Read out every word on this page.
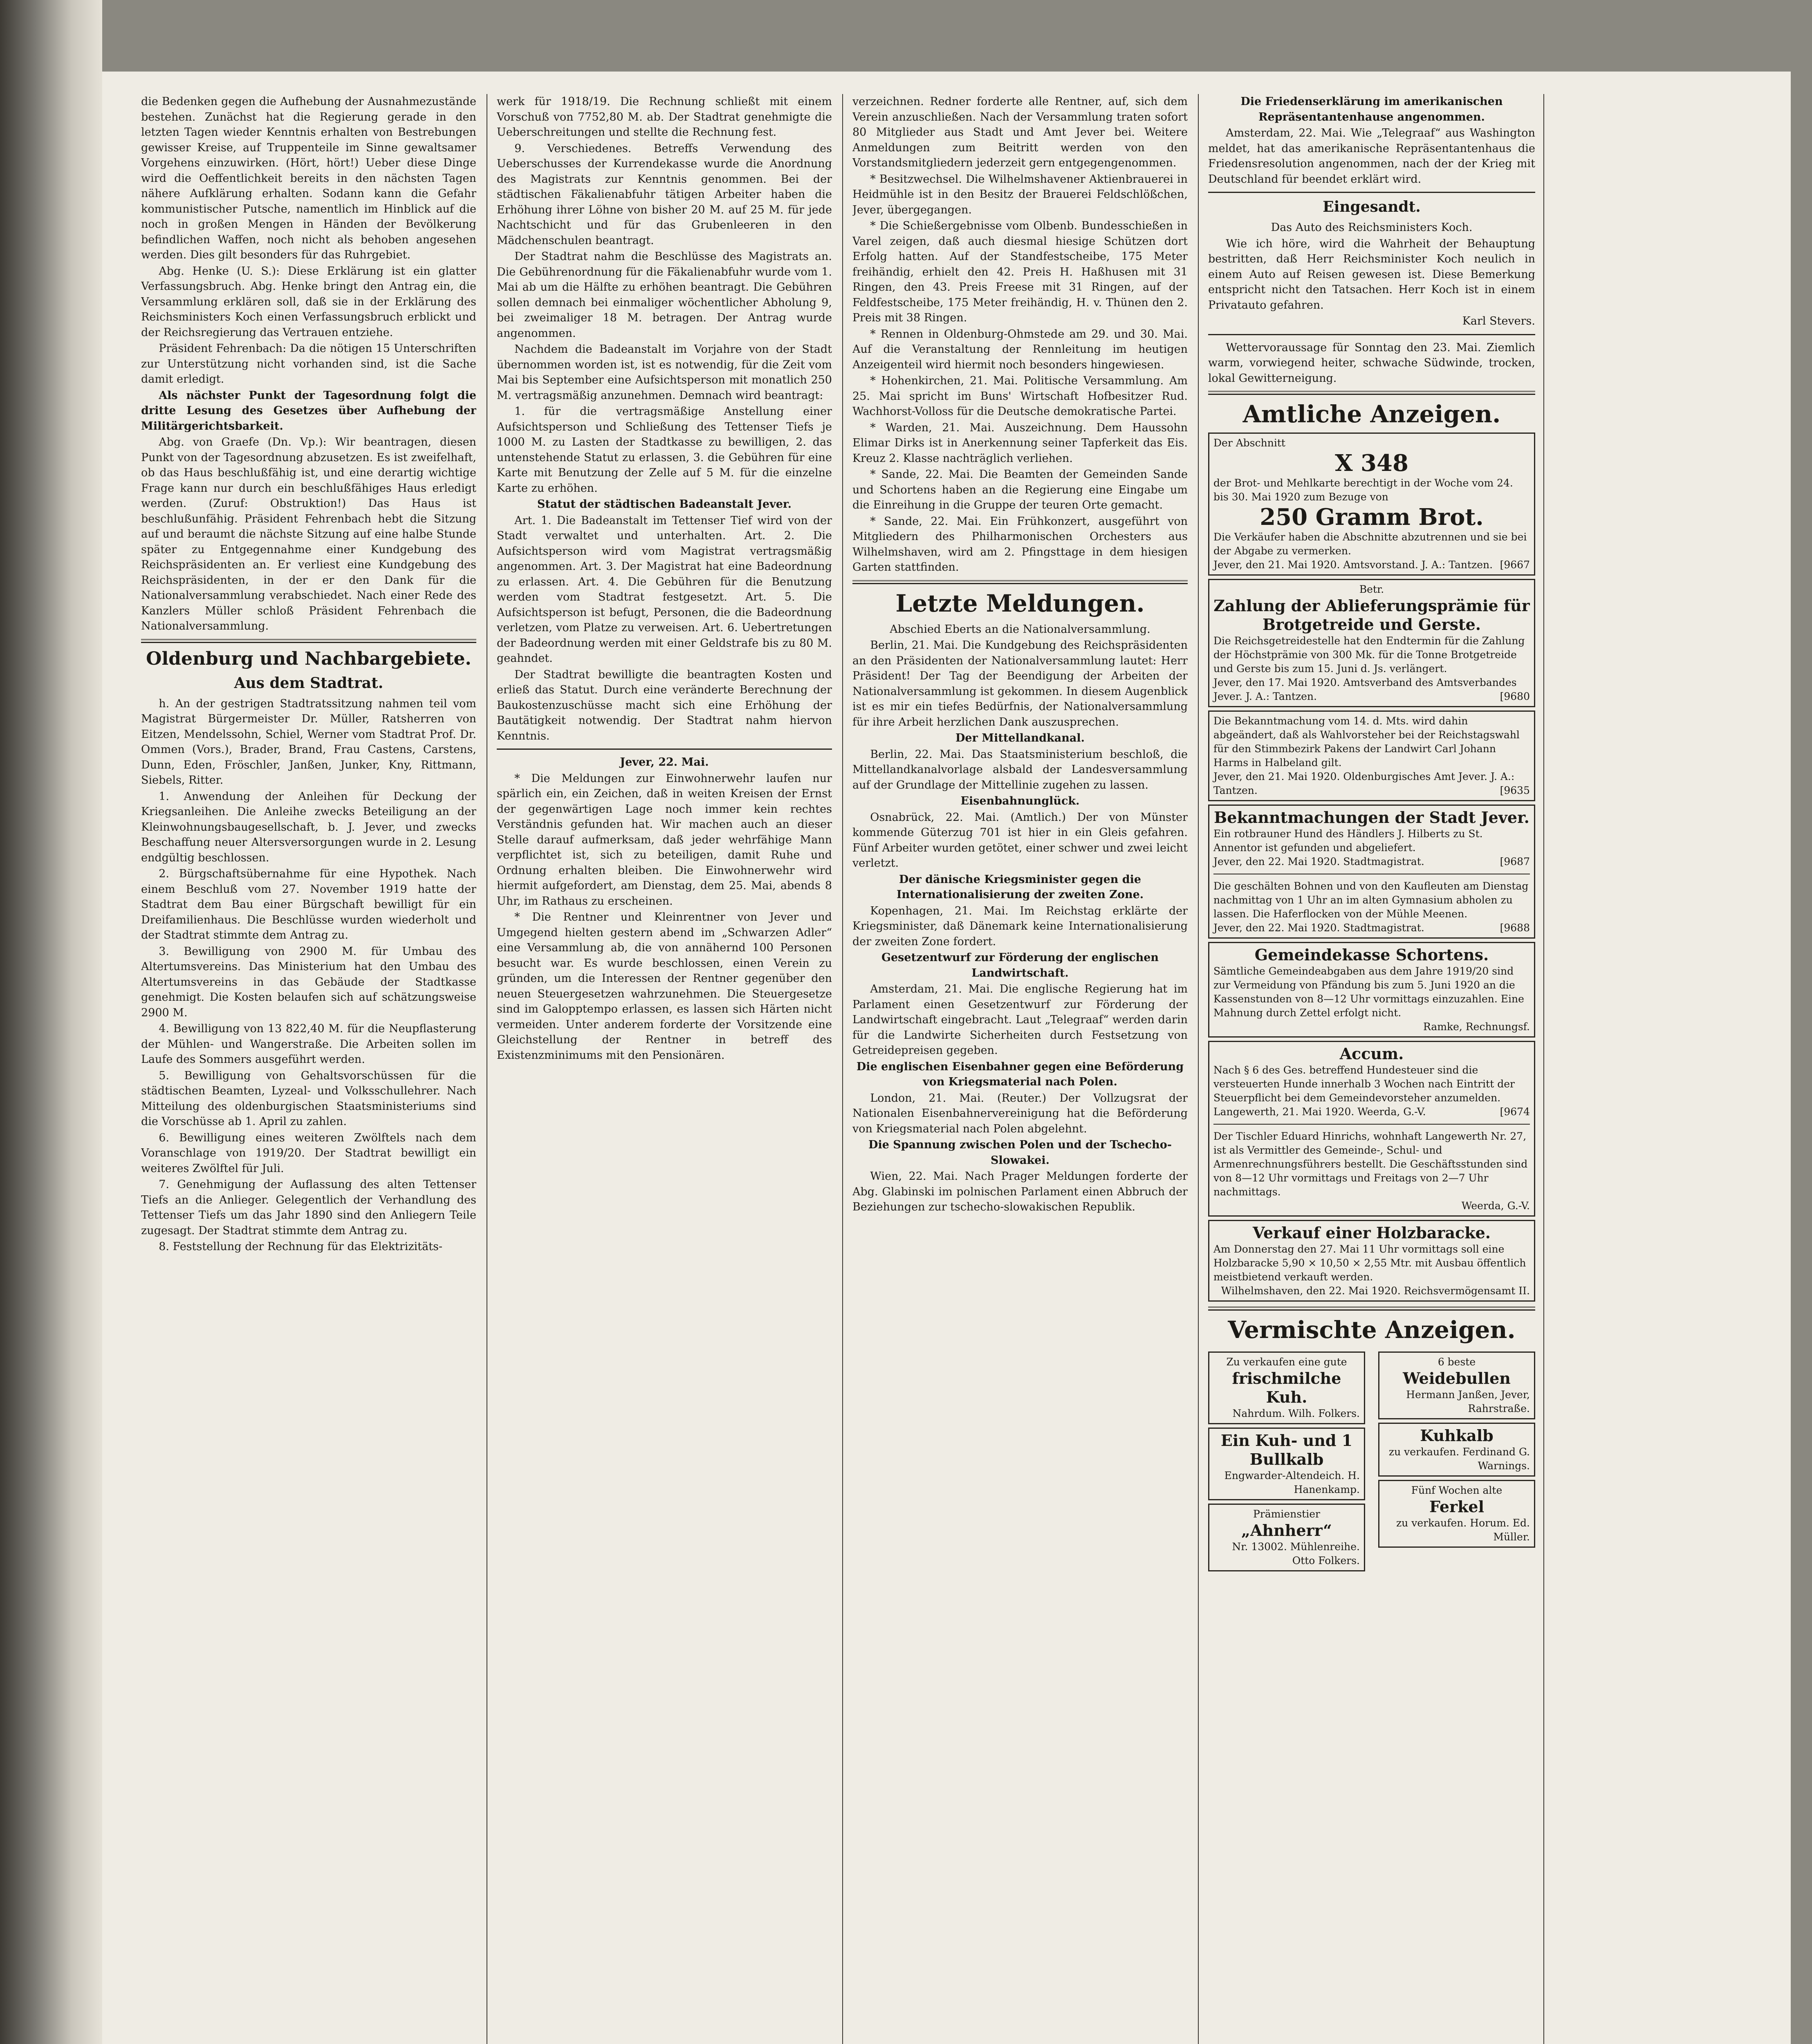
die Bedenken gegen die Aufhebung der Ausnahmezustände bestehen. Zunächst hat die Regierung gerade in den letzten Tagen wieder Kenntnis erhalten von Bestrebungen gewisser Kreise, auf Truppenteile im Sinne gewaltsamer Vorgehens einzuwirken. (Hört, hört!) Ueber diese Dinge wird die Oeffentlichkeit bereits in den nächsten Tagen nähere Aufklärung erhalten. Sodann kann die Gefahr kommunistischer Putsche, namentlich im Hinblick auf die noch in großen Mengen in Händen der Bevölkerung befindlichen Waffen, noch nicht als behoben angesehen werden. Dies gilt besonders für das Ruhrgebiet.

Abg. Henke (U. S.): Diese Erklärung ist ein glatter Verfassungsbruch. Abg. Henke bringt den Antrag ein, die Versammlung erklären soll, daß sie in der Erklärung des Reichsministers Koch einen Verfassungsbruch erblickt und der Reichsregierung das Vertrauen entziehe.

Präsident Fehrenbach: Da die nötigen 15 Unterschriften zur Unterstützung nicht vorhanden sind, ist die Sache damit erledigt.

Als nächster Punkt der Tagesordnung folgt die dritte Lesung des Gesetzes über Aufhebung der Militärgerichtsbarkeit.

Abg. von Graefe (Dn. Vp.): Wir beantragen, diesen Punkt von der Tagesordnung abzusetzen. Es ist zweifelhaft, ob das Haus beschlußfähig ist, und eine derartig wichtige Frage kann nur durch ein beschlußfähiges Haus erledigt werden. (Zuruf: Obstruktion!) Das Haus ist beschlußunfähig. Präsident Fehrenbach hebt die Sitzung auf und beraumt die nächste Sitzung auf eine halbe Stunde später zu Entgegennahme einer Kundgebung des Reichspräsidenten an. Er verliest eine Kundgebung des Reichspräsidenten, in der er den Dank für die Nationalversammlung verabschiedet. Nach einer Rede des Kanzlers Müller schloß Präsident Fehrenbach die Nationalversammlung.

Oldenburg und Nachbargebiete.
Aus dem Stadtrat.

h. An der gestrigen Stadtratssitzung nahmen teil vom Magistrat Bürgermeister Dr. Müller, Ratsherren von Eitzen, Mendelssohn, Schiel, Werner vom Stadtrat Prof. Dr. Ommen (Vors.), Brader, Brand, Frau Castens, Carstens, Dunn, Eden, Fröschler, Janßen, Junker, Kny, Rittmann, Siebels, Ritter.

1. Anwendung der Anleihen für Deckung der Kriegsanleihen. Die Anleihe zwecks Beteiligung an der Kleinwohnungsbaugesellschaft, b. J. Jever, und zwecks Beschaffung neuer Altersversorgungen wurde in 2. Lesung endgültig beschlossen.

2. Bürgschaftsübernahme für eine Hypothek. Nach einem Beschluß vom 27. November 1919 hatte der Stadtrat dem Bau einer Bürgschaft bewilligt für ein Dreifamilienhaus. Die Beschlüsse wurden wiederholt und der Stadtrat stimmte dem Antrag zu.

3. Bewilligung von 2900 M. für Umbau des Altertumsvereins. Das Ministerium hat den Umbau des Altertumsvereins in das Gebäude der Stadtkasse genehmigt. Die Kosten belaufen sich auf schätzungsweise 2900 M.

4. Bewilligung von 13 822,40 M. für die Neupflasterung der Mühlen- und Wangerstraße. Die Arbeiten sollen im Laufe des Sommers ausgeführt werden.

5. Bewilligung von Gehaltsvorschüssen für die städtischen Beamten, Lyzeal- und Volksschullehrer. Nach Mitteilung des oldenburgischen Staatsministeriums sind die Vorschüsse ab 1. April zu zahlen.

6. Bewilligung eines weiteren Zwölftels nach dem Voranschlage von 1919/20. Der Stadtrat bewilligt ein weiteres Zwölftel für Juli.

7. Genehmigung der Auflassung des alten Tettenser Tiefs an die Anlieger. Gelegentlich der Verhandlung des Tettenser Tiefs um das Jahr 1890 sind den Anliegern Teile zugesagt. Der Stadtrat stimmte dem Antrag zu.

8. Feststellung der Rechnung für das Elektrizitäts-

werk für 1918/19. Die Rechnung schließt mit einem Vorschuß von 7752,80 M. ab. Der Stadtrat genehmigte die Ueberschreitungen und stellte die Rechnung fest.

9. Verschiedenes. Betreffs Verwendung des Ueberschusses der Kurrendekasse wurde die Anordnung des Magistrats zur Kenntnis genommen. Bei der städtischen Fäkalienabfuhr tätigen Arbeiter haben die Erhöhung ihrer Löhne von bisher 20 M. auf 25 M. für jede Nachtschicht und für das Grubenleeren in den Mädchenschulen beantragt.

Der Stadtrat nahm die Beschlüsse des Magistrats an. Die Gebührenordnung für die Fäkalienabfuhr wurde vom 1. Mai ab um die Hälfte zu erhöhen beantragt. Die Gebühren sollen demnach bei einmaliger wöchentlicher Abholung 9, bei zweimaliger 18 M. betragen. Der Antrag wurde angenommen.

Nachdem die Badeanstalt im Vorjahre von der Stadt übernommen worden ist, ist es notwendig, für die Zeit vom Mai bis September eine Aufsichtsperson mit monatlich 250 M. vertragsmäßig anzunehmen. Demnach wird beantragt:

1. für die vertragsmäßige Anstellung einer Aufsichtsperson und Schließung des Tettenser Tiefs je 1000 M. zu Lasten der Stadtkasse zu bewilligen, 2. das untenstehende Statut zu erlassen, 3. die Gebühren für eine Karte mit Benutzung der Zelle auf 5 M. für die einzelne Karte zu erhöhen.

Statut der städtischen Badeanstalt Jever.

Art. 1. Die Badeanstalt im Tettenser Tief wird von der Stadt verwaltet und unterhalten. Art. 2. Die Aufsichtsperson wird vom Magistrat vertragsmäßig angenommen. Art. 3. Der Magistrat hat eine Badeordnung zu erlassen. Art. 4. Die Gebühren für die Benutzung werden vom Stadtrat festgesetzt. Art. 5. Die Aufsichtsperson ist befugt, Personen, die die Badeordnung verletzen, vom Platze zu verweisen. Art. 6. Uebertretungen der Badeordnung werden mit einer Geldstrafe bis zu 80 M. geahndet.

Der Stadtrat bewilligte die beantragten Kosten und erließ das Statut. Durch eine veränderte Berechnung der Baukostenzuschüsse macht sich eine Erhöhung der Bautätigkeit notwendig. Der Stadtrat nahm hiervon Kenntnis.

Jever, 22. Mai.

* Die Meldungen zur Einwohnerwehr laufen nur spärlich ein, ein Zeichen, daß in weiten Kreisen der Ernst der gegenwärtigen Lage noch immer kein rechtes Verständnis gefunden hat. Wir machen auch an dieser Stelle darauf aufmerksam, daß jeder wehrfähige Mann verpflichtet ist, sich zu beteiligen, damit Ruhe und Ordnung erhalten bleiben. Die Einwohnerwehr wird hiermit aufgefordert, am Dienstag, dem 25. Mai, abends 8 Uhr, im Rathaus zu erscheinen.

* Die Rentner und Kleinrentner von Jever und Umgegend hielten gestern abend im „Schwarzen Adler“ eine Versammlung ab, die von annähernd 100 Personen besucht war. Es wurde beschlossen, einen Verein zu gründen, um die Interessen der Rentner gegenüber den neuen Steuergesetzen wahrzunehmen. Die Steuergesetze sind im Galopptempo erlassen, es lassen sich Härten nicht vermeiden. Unter anderem forderte der Vorsitzende eine Gleichstellung der Rentner in betreff des Existenzminimums mit den Pensionären.

verzeichnen. Redner forderte alle Rentner, auf, sich dem Verein anzuschließen. Nach der Versammlung traten sofort 80 Mitglieder aus Stadt und Amt Jever bei. Weitere Anmeldungen zum Beitritt werden von den Vorstandsmitgliedern jederzeit gern entgegengenommen.

* Besitzwechsel. Die Wilhelmshavener Aktienbrauerei in Heidmühle ist in den Besitz der Brauerei Feldschlößchen, Jever, übergegangen.

* Die Schießergebnisse vom Olbenb. Bundesschießen in Varel zeigen, daß auch diesmal hiesige Schützen dort Erfolg hatten. Auf der Standfestscheibe, 175 Meter freihändig, erhielt den 42. Preis H. Haßhusen mit 31 Ringen, den 43. Preis Freese mit 31 Ringen, auf der Feldfestscheibe, 175 Meter freihändig, H. v. Thünen den 2. Preis mit 38 Ringen.

* Rennen in Oldenburg-Ohmstede am 29. und 30. Mai. Auf die Veranstaltung der Rennleitung im heutigen Anzeigenteil wird hiermit noch besonders hingewiesen.

* Hohenkirchen, 21. Mai. Politische Versammlung. Am 25. Mai spricht im Buns' Wirtschaft Hofbesitzer Rud. Wachhorst-Volloss für die Deutsche demokratische Partei.

* Warden, 21. Mai. Auszeichnung. Dem Haussohn Elimar Dirks ist in Anerkennung seiner Tapferkeit das Eis. Kreuz 2. Klasse nachträglich verliehen.

* Sande, 22. Mai. Die Beamten der Gemeinden Sande und Schortens haben an die Regierung eine Eingabe um die Einreihung in die Gruppe der teuren Orte gemacht.

* Sande, 22. Mai. Ein Frühkonzert, ausgeführt von Mitgliedern des Philharmonischen Orchesters aus Wilhelmshaven, wird am 2. Pfingsttage in dem hiesigen Garten stattfinden.

Letzte Meldungen.

Abschied Eberts an die Nationalversammlung.

Berlin, 21. Mai. Die Kundgebung des Reichspräsidenten an den Präsidenten der Nationalversammlung lautet: Herr Präsident! Der Tag der Beendigung der Arbeiten der Nationalversammlung ist gekommen. In diesem Augenblick ist es mir ein tiefes Bedürfnis, der Nationalversammlung für ihre Arbeit herzlichen Dank auszusprechen.

Der Mittellandkanal.

Berlin, 22. Mai. Das Staatsministerium beschloß, die Mittellandkanalvorlage alsbald der Landesversammlung auf der Grundlage der Mittellinie zugehen zu lassen.

Eisenbahnunglück.

Osnabrück, 22. Mai. (Amtlich.) Der von Münster kommende Güterzug 701 ist hier in ein Gleis gefahren. Fünf Arbeiter wurden getötet, einer schwer und zwei leicht verletzt.

Der dänische Kriegsminister gegen die Internationalisierung der zweiten Zone.

Kopenhagen, 21. Mai. Im Reichstag erklärte der Kriegsminister, daß Dänemark keine Internationalisierung der zweiten Zone fordert.

Gesetzentwurf zur Förderung der englischen Landwirtschaft.

Amsterdam, 21. Mai. Die englische Regierung hat im Parlament einen Gesetzentwurf zur Förderung der Landwirtschaft eingebracht. Laut „Telegraaf“ werden darin für die Landwirte Sicherheiten durch Festsetzung von Getreidepreisen gegeben.

Die englischen Eisenbahner gegen eine Beförderung von Kriegsmaterial nach Polen.

London, 21. Mai. (Reuter.) Der Vollzugsrat der Nationalen Eisenbahnervereinigung hat die Beförderung von Kriegsmaterial nach Polen abgelehnt.

Die Spannung zwischen Polen und der Tschecho-Slowakei.

Wien, 22. Mai. Nach Prager Meldungen forderte der Abg. Glabinski im polnischen Parlament einen Abbruch der Beziehungen zur tschecho-slowakischen Republik.

Die Friedenserklärung im amerikanischen Repräsentantenhause angenommen.

Amsterdam, 22. Mai. Wie „Telegraaf“ aus Washington meldet, hat das amerikanische Repräsentantenhaus die Friedensresolution angenommen, nach der der Krieg mit Deutschland für beendet erklärt wird.

Eingesandt.

Das Auto des Reichsministers Koch.

Wie ich höre, wird die Wahrheit der Behauptung bestritten, daß Herr Reichsminister Koch neulich in einem Auto auf Reisen gewesen ist. Diese Bemerkung entspricht nicht den Tatsachen. Herr Koch ist in einem Privatauto gefahren.

Karl Stevers.

Wettervoraussage für Sonntag den 23. Mai. Ziemlich warm, vorwiegend heiter, schwache Südwinde, trocken, lokal Gewitterneigung.

Amtliche Anzeigen.
Der Abschnitt
X 348
der Brot- und Mehlkarte berechtigt in der Woche vom 24. bis 30. Mai 1920 zum Bezuge von
250 Gramm Brot.
Die Verkäufer haben die Abschnitte abzutrennen und sie bei der Abgabe zu vermerken.
Jever, den 21. Mai 1920. Amtsvorstand. J. A.: Tantzen. [9667
Betr.
Zahlung der Ablieferungsprämie für Brotgetreide und Gerste.
Die Reichsgetreidestelle hat den Endtermin für die Zahlung der Höchstprämie von 300 Mk. für die Tonne Brotgetreide und Gerste bis zum 15. Juni d. Js. verlängert.
Jever, den 17. Mai 1920. Amtsverband des Amtsverbandes Jever. J. A.: Tantzen.	[9680
Die Bekanntmachung vom 14. d. Mts. wird dahin abgeändert, daß als Wahlvorsteher bei der Reichstagswahl für den Stimmbezirk Pakens der Landwirt Carl Johann Harms in Halbeland gilt.
Jever, den 21. Mai 1920. Oldenburgisches Amt Jever. J. A.: Tantzen.	[9635
Bekanntmachungen der Stadt Jever.
Ein rotbrauner Hund des Händlers J. Hilberts zu St. Annentor ist gefunden und abgeliefert.
Jever, den 22. Mai 1920. Stadtmagistrat.	[9687
Die geschälten Bohnen und von den Kaufleuten am Dienstag nachmittag von 1 Uhr an im alten Gymnasium abholen zu lassen. Die Haferflocken von der Mühle Meenen.
Jever, den 22. Mai 1920. Stadtmagistrat.	[9688
Gemeindekasse Schortens.
Sämtliche Gemeindeabgaben aus dem Jahre 1919/20 sind zur Vermeidung von Pfändung bis zum 5. Juni 1920 an die Kassenstunden von 8—12 Uhr vormittags einzuzahlen. Eine Mahnung durch Zettel erfolgt nicht.
Ramke, Rechnungsf.
Accum.
Nach § 6 des Ges. betreffend Hundesteuer sind die versteuerten Hunde innerhalb 3 Wochen nach Eintritt der Steuerpflicht bei dem Gemeindevorsteher anzumelden.
Langewerth, 21. Mai 1920. Weerda, G.-V.	[9674
Der Tischler Eduard Hinrichs, wohnhaft Langewerth Nr. 27, ist als Vermittler des Gemeinde-, Schul- und Armenrechnungsführers bestellt. Die Geschäftsstunden sind von 8—12 Uhr vormittags und Freitags von 2—7 Uhr nachmittags.
Weerda, G.-V.
Verkauf einer Holzbaracke.
Am Donnerstag den 27. Mai 11 Uhr vormittags soll eine Holzbaracke 5,90 × 10,50 × 2,55 Mtr. mit Ausbau öffentlich meistbietend verkauft werden.
Wilhelmshaven, den 22. Mai 1920. Reichsvermögensamt II.
Vermischte Anzeigen.
Zu verkaufen eine gute
frischmilche Kuh.
Nahrdum. Wilh. Folkers.
Ein Kuh- und 1 Bullkalb
Engwarder-Altendeich. H. Hanenkamp.
Prämienstier
„Ahnherr“
Nr. 13002. Mühlenreihe. Otto Folkers.
6 beste
Weidebullen
Hermann Janßen, Jever, Rahrstraße.
Kuhkalb
zu verkaufen. Ferdinand G. Warnings.
Fünf Wochen alte
Ferkel
zu verkaufen. Horum. Ed. Müller.
